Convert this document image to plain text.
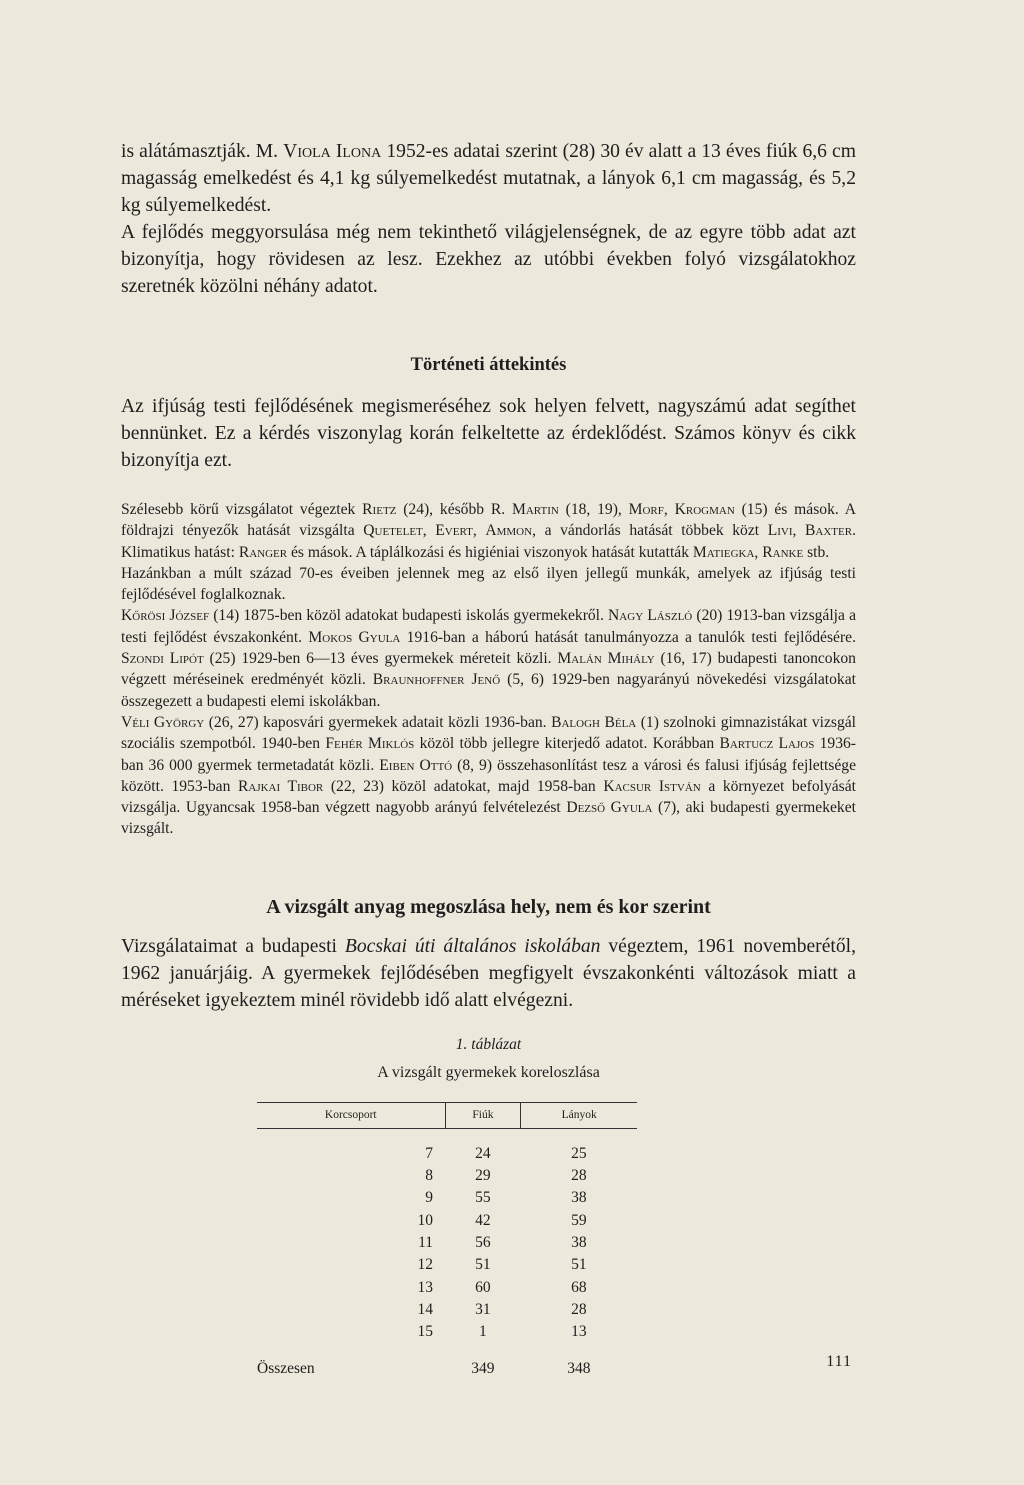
is alátámasztják. M. Viola Ilona 1952-es adatai szerint (28) 30 év alatt a 13 éves fiúk 6,6 cm magasság emelkedést és 4,1 kg súlyemelkedést mutatnak, a lányok 6,1 cm magasság, és 5,2 kg súlyemelkedést.

A fejlődés meggyorsulása még nem tekinthető világjelenségnek, de az egyre több adat azt bizonyítja, hogy rövidesen az lesz. Ezekhez az utóbbi években folyó vizsgálatokhoz szeretnék közölni néhány adatot.

Történeti áttekintés

Az ifjúság testi fejlődésének megismeréséhez sok helyen felvett, nagyszámú adat segíthet bennünket. Ez a kérdés viszonylag korán felkeltette az érdeklődést. Számos könyv és cikk bizonyítja ezt.

Szélesebb körű vizsgálatot végeztek Rietz (24), később R. Martin (18, 19), Morf, Krogman (15) és mások. A földrajzi tényezők hatását vizsgálta Quetelet, Evert, Ammon, a vándorlás hatását többek közt Livi, Baxter. Klimatikus hatást: Ranger és mások. A táplálkozási és higiéniai viszonyok hatását kutatták Matiegka, Ranke stb.

Hazánkban a múlt század 70-es éveiben jelennek meg az első ilyen jellegű munkák, amelyek az ifjúság testi fejlődésével foglalkoznak.

Kőrösi József (14) 1875-ben közöl adatokat budapesti iskolás gyermekekről. Nagy László (20) 1913-ban vizsgálja a testi fejlődést évszakonként. Mokos Gyula 1916-ban a háború hatását tanulmányozza a tanulók testi fejlődésére. Szondi Lipót (25) 1929-ben 6—13 éves gyermekek méreteit közli. Malán Mihály (16, 17) budapesti tanoncokon végzett méréseinek eredményét közli. Braunhoffner Jenő (5, 6) 1929-ben nagyarányú növekedési vizsgálatokat összegezett a budapesti elemi iskolákban.

Véli György (26, 27) kaposvári gyermekek adatait közli 1936-ban. Balogh Béla (1) szolnoki gimnazistákat vizsgál szociális szempotból. 1940-ben Fehér Miklós közöl több jellegre kiterjedő adatot. Korábban Bartucz Lajos 1936-ban 36 000 gyermek termetadatát közli. Eiben Ottó (8, 9) összehasonlítást tesz a városi és falusi ifjúság fejlettsége között. 1953-ban Rajkai Tibor (22, 23) közöl adatokat, majd 1958-ban Kacsur István a környezet befolyását vizsgálja. Ugyancsak 1958-ban végzett nagyobb arányú felvételezést Dezső Gyula (7), aki budapesti gyermekeket vizsgált.

A vizsgált anyag megoszlása hely, nem és kor szerint

Vizsgálataimat a budapesti Bocskai úti általános iskolában végeztem, 1961 novemberétől, 1962 januárjáig. A gyermekek fejlődésében megfigyelt évszakonkénti változások miatt a méréseket igyekeztem minél rövidebb idő alatt elvégezni.

1. táblázat

A vizsgált gyermekek koreloszlása

Korcsoport	Fiúk	Lányok
7	24	25
8	29	28
9	55	38
10	42	59
11	56	38
12	51	51
13	60	68
14	31	28
15	1	13
Összesen	349	348	111
